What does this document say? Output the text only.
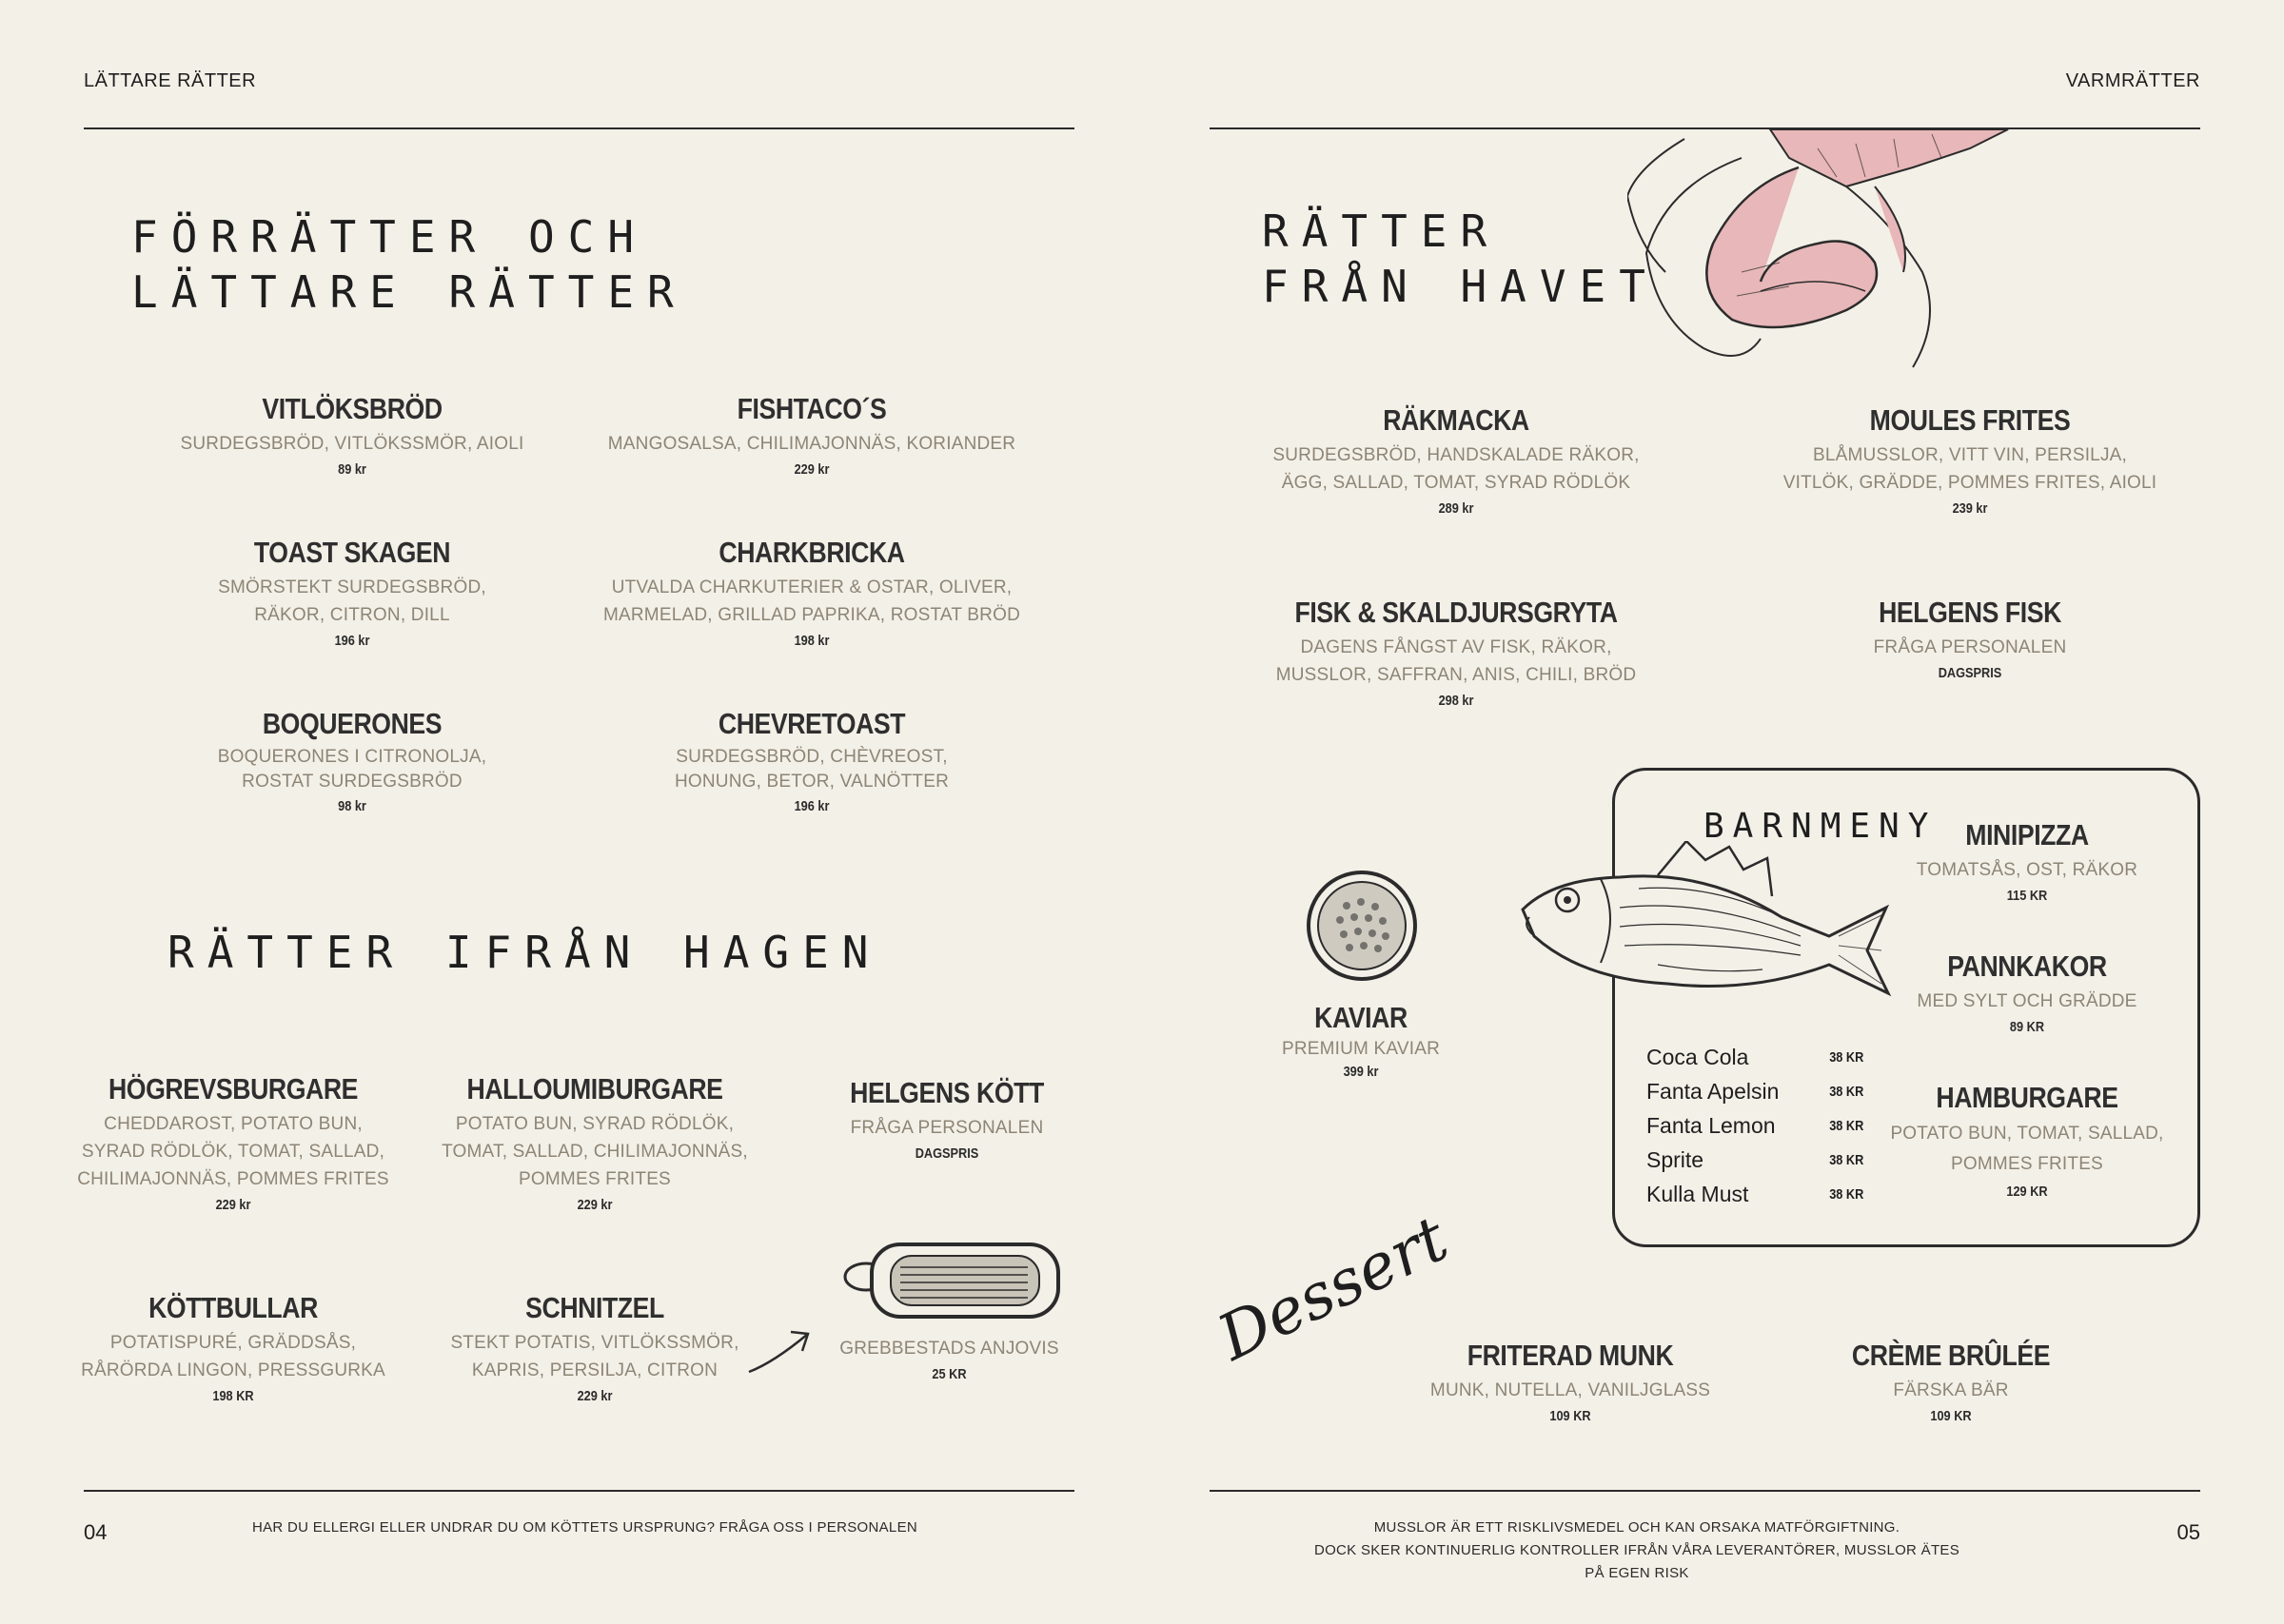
LÄTTARE RÄTTER
FÖRRÄTTER OCH
LÄTTARE RÄTTER
VITLÖKSBRÖD
SURDEGSBRÖD, VITLÖKSSMÖR, AIOLI
89 kr
FISHTACO´S
MANGOSALSA, CHILIMAJONNÄS, KORIANDER
229 kr
TOAST SKAGEN
SMÖRSTEKT SURDEGSBRÖD,
RÄKOR, CITRON, DILL
196 kr
CHARKBRICKA
UTVALDA CHARKUTERIER & OSTAR, OLIVER,
MARMELAD, GRILLAD PAPRIKA, ROSTAT BRÖD
198 kr
BOQUERONES
BOQUERONES I CITRONOLJA,
ROSTAT SURDEGSBRÖD
98 kr
CHEVRETOAST
SURDEGSBRÖD, CHÈVREOST,
HONUNG, BETOR, VALNÖTTER
196 kr
RÄTTER IFRÅN HAGEN
HÖGREVSBURGARE
CHEDDAROST, POTATO BUN,
SYRAD RÖDLÖK, TOMAT, SALLAD,
CHILIMAJONNÄS, POMMES FRITES
229 kr
HALLOUMIBURGARE
POTATO BUN, SYRAD RÖDLÖK,
TOMAT, SALLAD, CHILIMAJONNÄS,
POMMES FRITES
229 kr
HELGENS KÖTT
FRÅGA PERSONALEN
DAGSPRIS
KÖTTBULLAR
POTATISPURÉ, GRÄDDSÅS,
RÅRÖRDA LINGON, PRESSGURKA
198 KR
SCHNITZEL
STEKT POTATIS, VITLÖKSSMÖR,
KAPRIS, PERSILJA, CITRON
229 kr
GREBBESTADS ANJOVIS
25 KR
04	HAR DU ELLERGI ELLER UNDRAR DU OM KÖTTETS URSPRUNG? FRÅGA OSS I PERSONALEN
VARMRÄTTER
RÄTTER
FRÅN HAVET
RÄKMACKA
SURDEGSBRÖD, HANDSKALADE RÄKOR,
ÄGG, SALLAD, TOMAT, SYRAD RÖDLÖK
289 kr
MOULES FRITES
BLÅMUSSLOR, VITT VIN, PERSILJA,
VITLÖK, GRÄDDE, POMMES FRITES, AIOLI
239 kr
FISK & SKALDJURSGRYTA
DAGENS FÅNGST AV FISK, RÄKOR,
MUSSLOR, SAFFRAN, ANIS, CHILI, BRÖD
298 kr
HELGENS FISK
FRÅGA PERSONALEN
DAGSPRIS
KAVIAR
PREMIUM KAVIAR
399 kr
BARNMENY MINIPIZZA
TOMATSÅS, OST, RÄKOR
115 KR
PANNKAKOR
MED SYLT OCH GRÄDDE
89 KR
HAMBURGARE
POTATO BUN, TOMAT, SALLAD,
POMMES FRITES
129 KR
Coca Cola	38 KR
Fanta Apelsin	38 KR
Fanta Lemon	38 KR
Sprite	38 KR
Kulla Must	38 KR
Dessert FRITERAD MUNK
MUNK, NUTELLA, VANILJGLASS
109 KR
CRÈME BRÛLÉE
FÄRSKA BÄR
109 KR
MUSSLOR ÄR ETT RISKLIVSMEDEL OCH KAN ORSAKA MATFÖRGIFTNING.
DOCK SKER KONTINUERLIG KONTROLLER IFRÅN VÅRA LEVERANTÖRER, MUSSLOR ÄTES PÅ EGEN RISK
05
